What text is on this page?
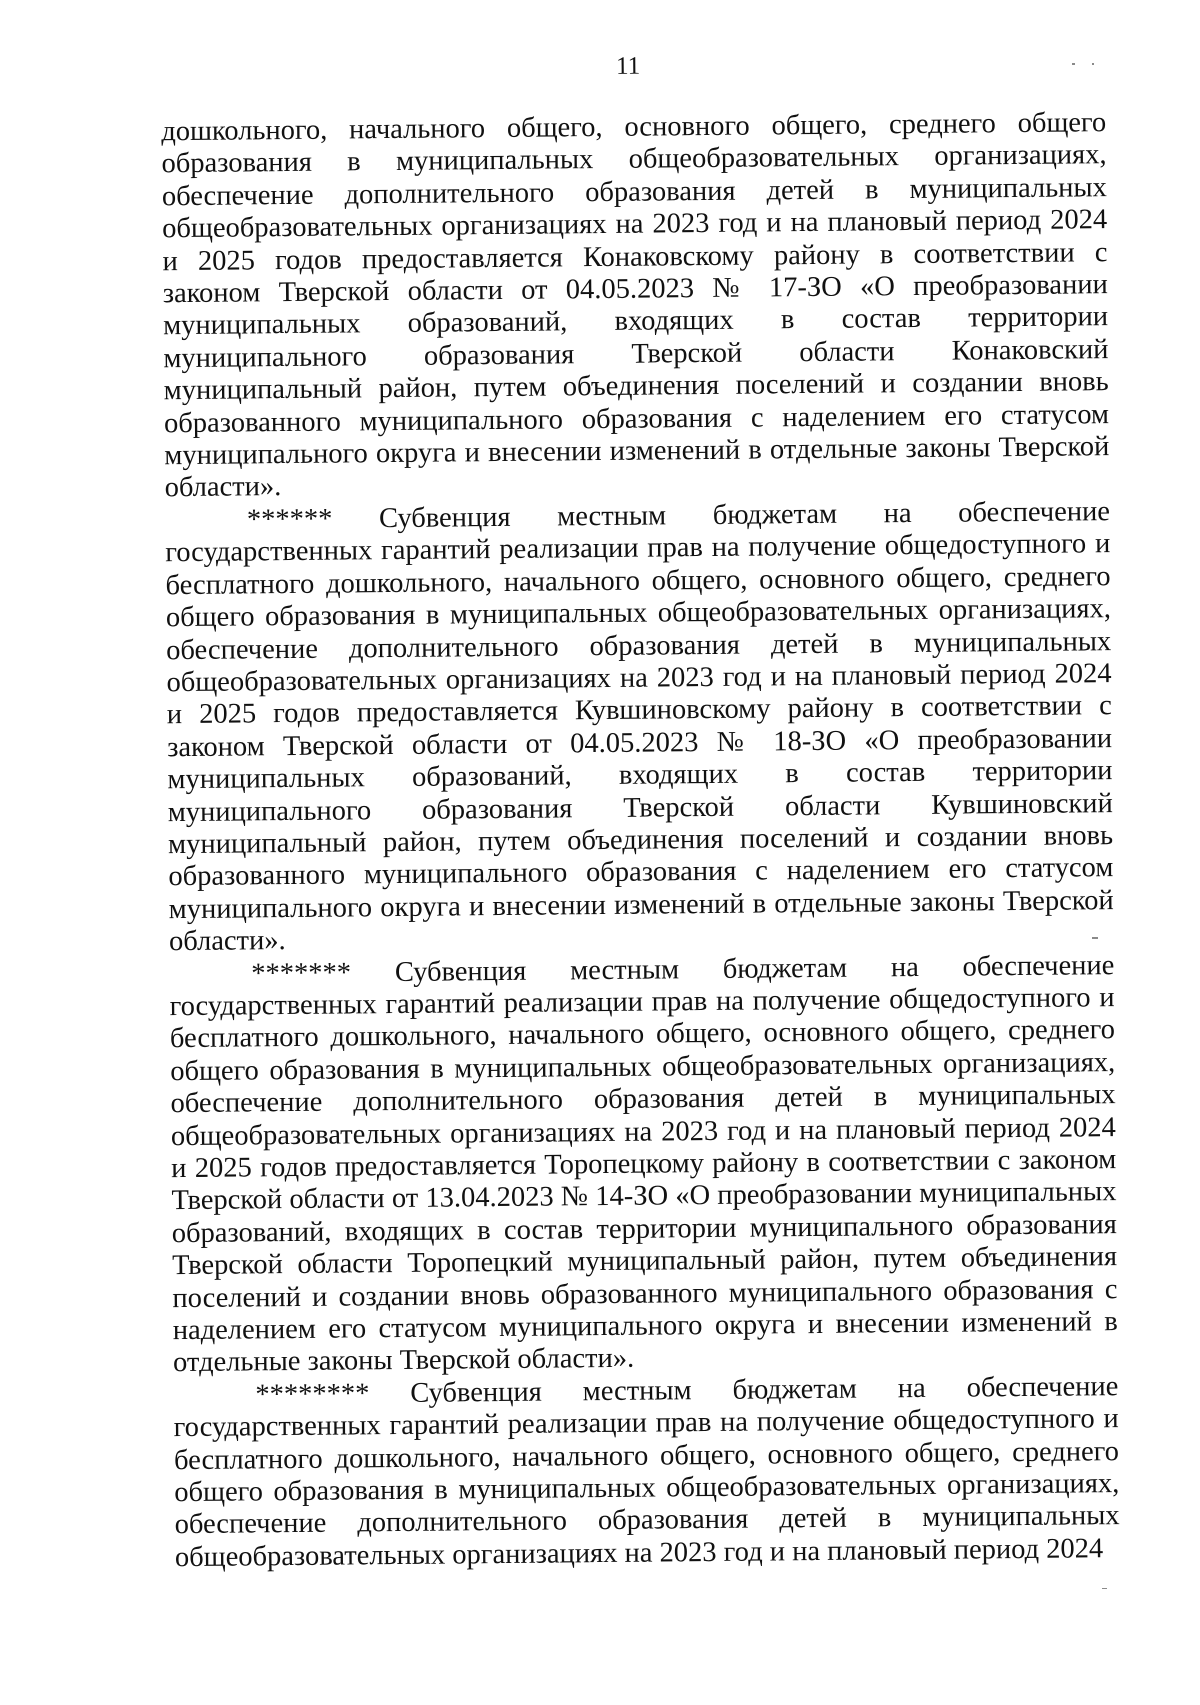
11

дошкольного, начального общего, основного общего, среднего общего образования в муниципальных общеобразовательных организациях, обеспечение дополнительного образования детей в муниципальных общеобразовательных организациях на 2023 год и на плановый период 2024 и 2025 годов предоставляется Конаковскому району в соответствии с законом Тверской области от 04.05.2023 № 17-ЗО «О преобразовании муниципальных образований, входящих в состав территории муниципального образования Тверской области Конаковский муниципальный район, путем объединения поселений и создании вновь образованного муниципального образования с наделением его статусом муниципального округа и внесении изменений в отдельные законы Тверской области».

****** Субвенция местным бюджетам на обеспечение государственных гарантий реализации прав на получение общедоступного и бесплатного дошкольного, начального общего, основного общего, среднего общего образования в муниципальных общеобразовательных организациях, обеспечение дополнительного образования детей в муниципальных общеобразовательных организациях на 2023 год и на плановый период 2024 и 2025 годов предоставляется Кувшиновскому району в соответствии с законом Тверской области от 04.05.2023 № 18-ЗО «О преобразовании муниципальных образований, входящих в состав территории муниципального образования Тверской области Кувшиновский муниципальный район, путем объединения поселений и создании вновь образованного муниципального образования с наделением его статусом муниципального округа и внесении изменений в отдельные законы Тверской области».

******* Субвенция местным бюджетам на обеспечение государственных гарантий реализации прав на получение общедоступного и бесплатного дошкольного, начального общего, основного общего, среднего общего образования в муниципальных общеобразовательных организациях, обеспечение дополнительного образования детей в муниципальных общеобразовательных организациях на 2023 год и на плановый период 2024 и 2025 годов предоставляется Торопецкому району в соответствии с законом Тверской области от 13.04.2023 № 14-ЗО «О преобразовании муниципальных образований, входящих в состав территории муниципального образования Тверской области Торопецкий муниципальный район, путем объединения поселений и создании вновь образованного муниципального образования с наделением его статусом муниципального округа и внесении изменений в отдельные законы Тверской области».

******** Субвенция местным бюджетам на обеспечение государственных гарантий реализации прав на получение общедоступного и бесплатного дошкольного, начального общего, основного общего, среднего общего образования в муниципальных общеобразовательных организациях, обеспечение дополнительного образования детей в муниципальных общеобразовательных организациях на 2023 год и на плановый период 2024
